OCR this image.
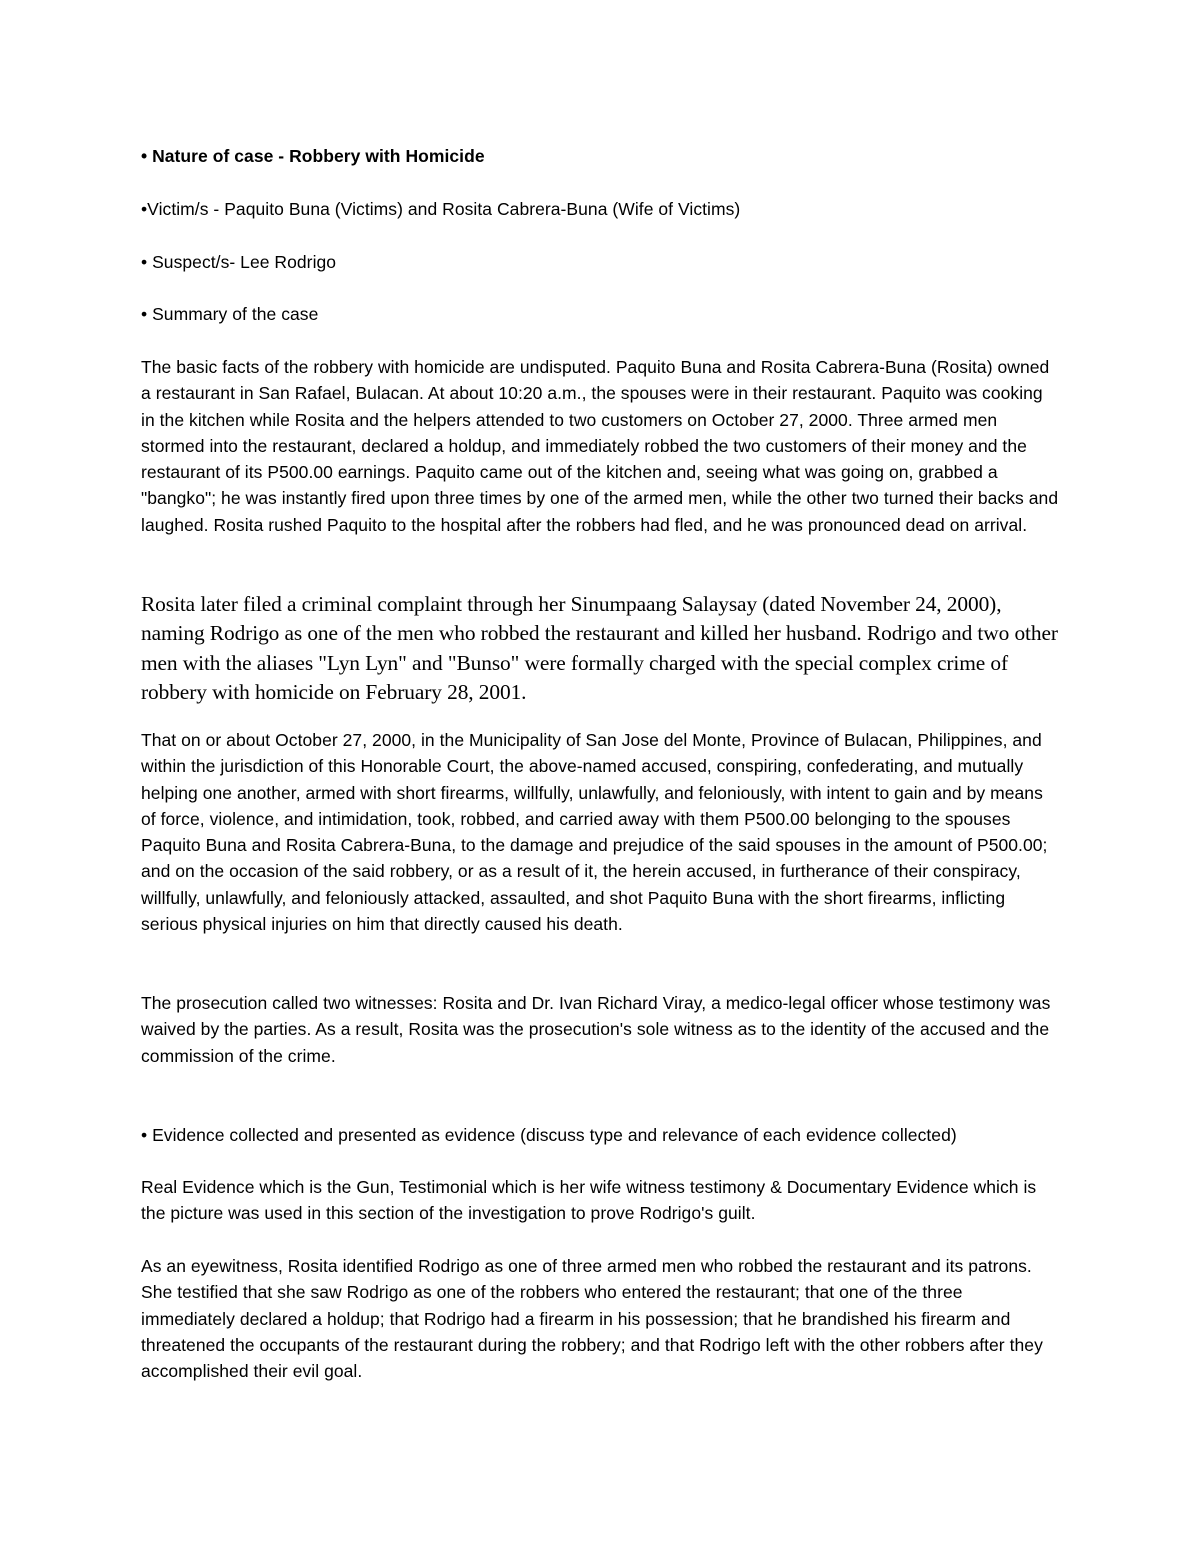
• Nature of case - Robbery with Homicide

•Victim/s - Paquito Buna (Victims) and Rosita Cabrera-Buna (Wife of Victims)

• Suspect/s- Lee Rodrigo

• Summary of the case

The basic facts of the robbery with homicide are undisputed. Paquito Buna and Rosita Cabrera-Buna (Rosita) owned a restaurant in San Rafael, Bulacan. At about 10:20 a.m., the spouses were in their restaurant. Paquito was cooking in the kitchen while Rosita and the helpers attended to two customers on October 27, 2000. Three armed men stormed into the restaurant, declared a holdup, and immediately robbed the two customers of their money and the restaurant of its P500.00 earnings. Paquito came out of the kitchen and, seeing what was going on, grabbed a "bangko"; he was instantly fired upon three times by one of the armed men, while the other two turned their backs and laughed. Rosita rushed Paquito to the hospital after the robbers had fled, and he was pronounced dead on arrival.

Rosita later filed a criminal complaint through her Sinumpaang Salaysay (dated November 24, 2000), naming Rodrigo as one of the men who robbed the restaurant and killed her husband. Rodrigo and two other men with the aliases "Lyn Lyn" and "Bunso" were formally charged with the special complex crime of robbery with homicide on February 28, 2001.

That on or about October 27, 2000, in the Municipality of San Jose del Monte, Province of Bulacan, Philippines, and within the jurisdiction of this Honorable Court, the above-named accused, conspiring, confederating, and mutually helping one another, armed with short firearms, willfully, unlawfully, and feloniously, with intent to gain and by means of force, violence, and intimidation, took, robbed, and carried away with them P500.00 belonging to the spouses Paquito Buna and Rosita Cabrera-Buna, to the damage and prejudice of the said spouses in the amount of P500.00; and on the occasion of the said robbery, or as a result of it, the herein accused, in furtherance of their conspiracy, willfully, unlawfully, and feloniously attacked, assaulted, and shot Paquito Buna with the short firearms, inflicting serious physical injuries on him that directly caused his death.

The prosecution called two witnesses: Rosita and Dr. Ivan Richard Viray, a medico-legal officer whose testimony was waived by the parties. As a result, Rosita was the prosecution's sole witness as to the identity of the accused and the commission of the crime.

• Evidence collected and presented as evidence (discuss type and relevance of each evidence collected)

Real Evidence which is the Gun, Testimonial which is her wife witness testimony & Documentary Evidence which is the picture was used in this section of the investigation to prove Rodrigo's guilt.

As an eyewitness, Rosita identified Rodrigo as one of three armed men who robbed the restaurant and its patrons. She testified that she saw Rodrigo as one of the robbers who entered the restaurant; that one of the three immediately declared a holdup; that Rodrigo had a firearm in his possession; that he brandished his firearm and threatened the occupants of the restaurant during the robbery; and that Rodrigo left with the other robbers after they accomplished their evil goal.
